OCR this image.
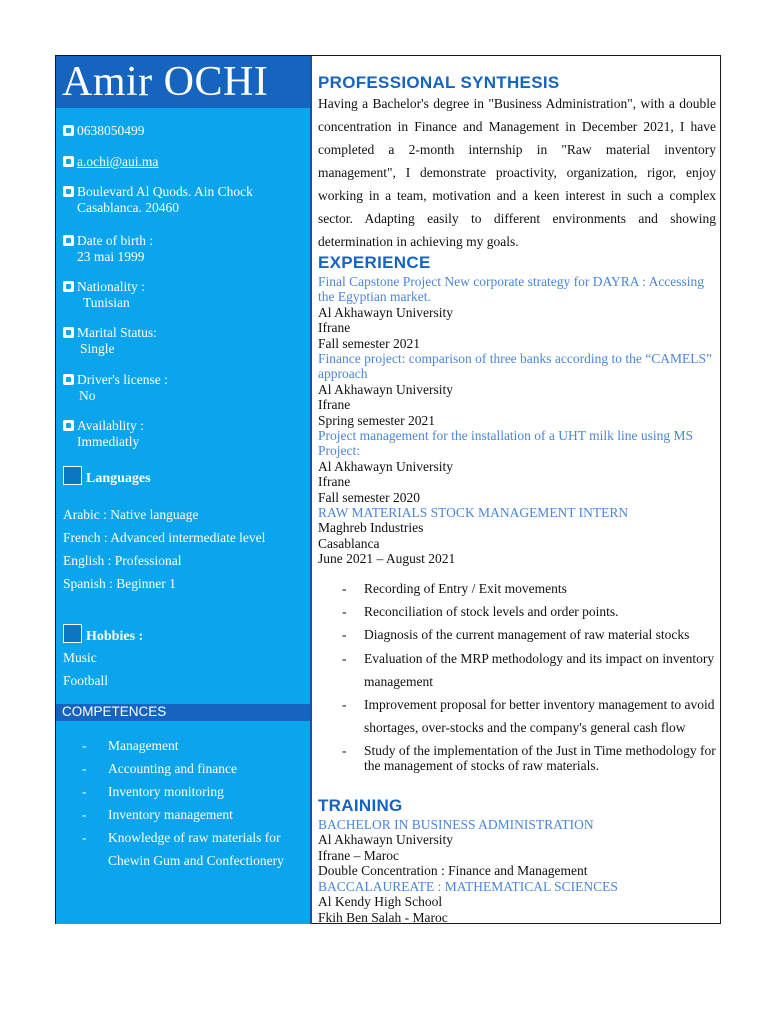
Amir OCHI
0638050499
a.ochi@aui.ma
Boulevard Al Quods. Ain Chock
Casablanca. 20460
Date of birth :
23 mai 1999
Nationality :
Tunisian
Marital Status:
Single
Driver's license :
No
Availablity :
Immediatly
Languages
Arabic : Native language
French : Advanced intermediate level
English : Professional
Spanish : Beginner 1
Hobbies :
Music
Football
COMPETENCES
- Management
- Accounting and finance
- Inventory monitoring
- Inventory management
- Knowledge of raw materials for Chewin Gum and Confectionery
PROFESSIONAL SYNTHESIS

Having a Bachelor's degree in "Business Administration", with a double concentration in Finance and Management in December 2021, I have completed a 2-month internship in "Raw material inventory management", I demonstrate proactivity, organization, rigor, enjoy working in a team, motivation and a keen interest in such a complex sector. Adapting easily to different environments and showing determination in achieving my goals.

EXPERIENCE
Final Capstone Project New corporate strategy for DAYRA : Accessing the Egyptian market.
Al Akhawayn University
Ifrane
Fall semester 2021
Finance project: comparison of three banks according to the “CAMELS” approach
Al Akhawayn University
Ifrane
Spring semester 2021
Project management for the installation of a UHT milk line using MS Project:
Al Akhawayn University
Ifrane
Fall semester 2020
RAW MATERIALS STOCK MANAGEMENT INTERN
Maghreb Industries
Casablanca
June 2021 – August 2021
- Recording of Entry / Exit movements
- Reconciliation of stock levels and order points.
- Diagnosis of the current management of raw material stocks
- Evaluation of the MRP methodology and its impact on inventory management
- Improvement proposal for better inventory management to avoid shortages, over-stocks and the company's general cash flow
- Study of the implementation of the Just in Time methodology for the management of stocks of raw materials.
TRAINING
BACHELOR IN BUSINESS ADMINISTRATION
Al Akhawayn University
Ifrane – Maroc
Double Concentration : Finance and Management
BACCALAUREATE : MATHEMATICAL SCIENCES
Al Kendy High School
Fkih Ben Salah - Maroc
